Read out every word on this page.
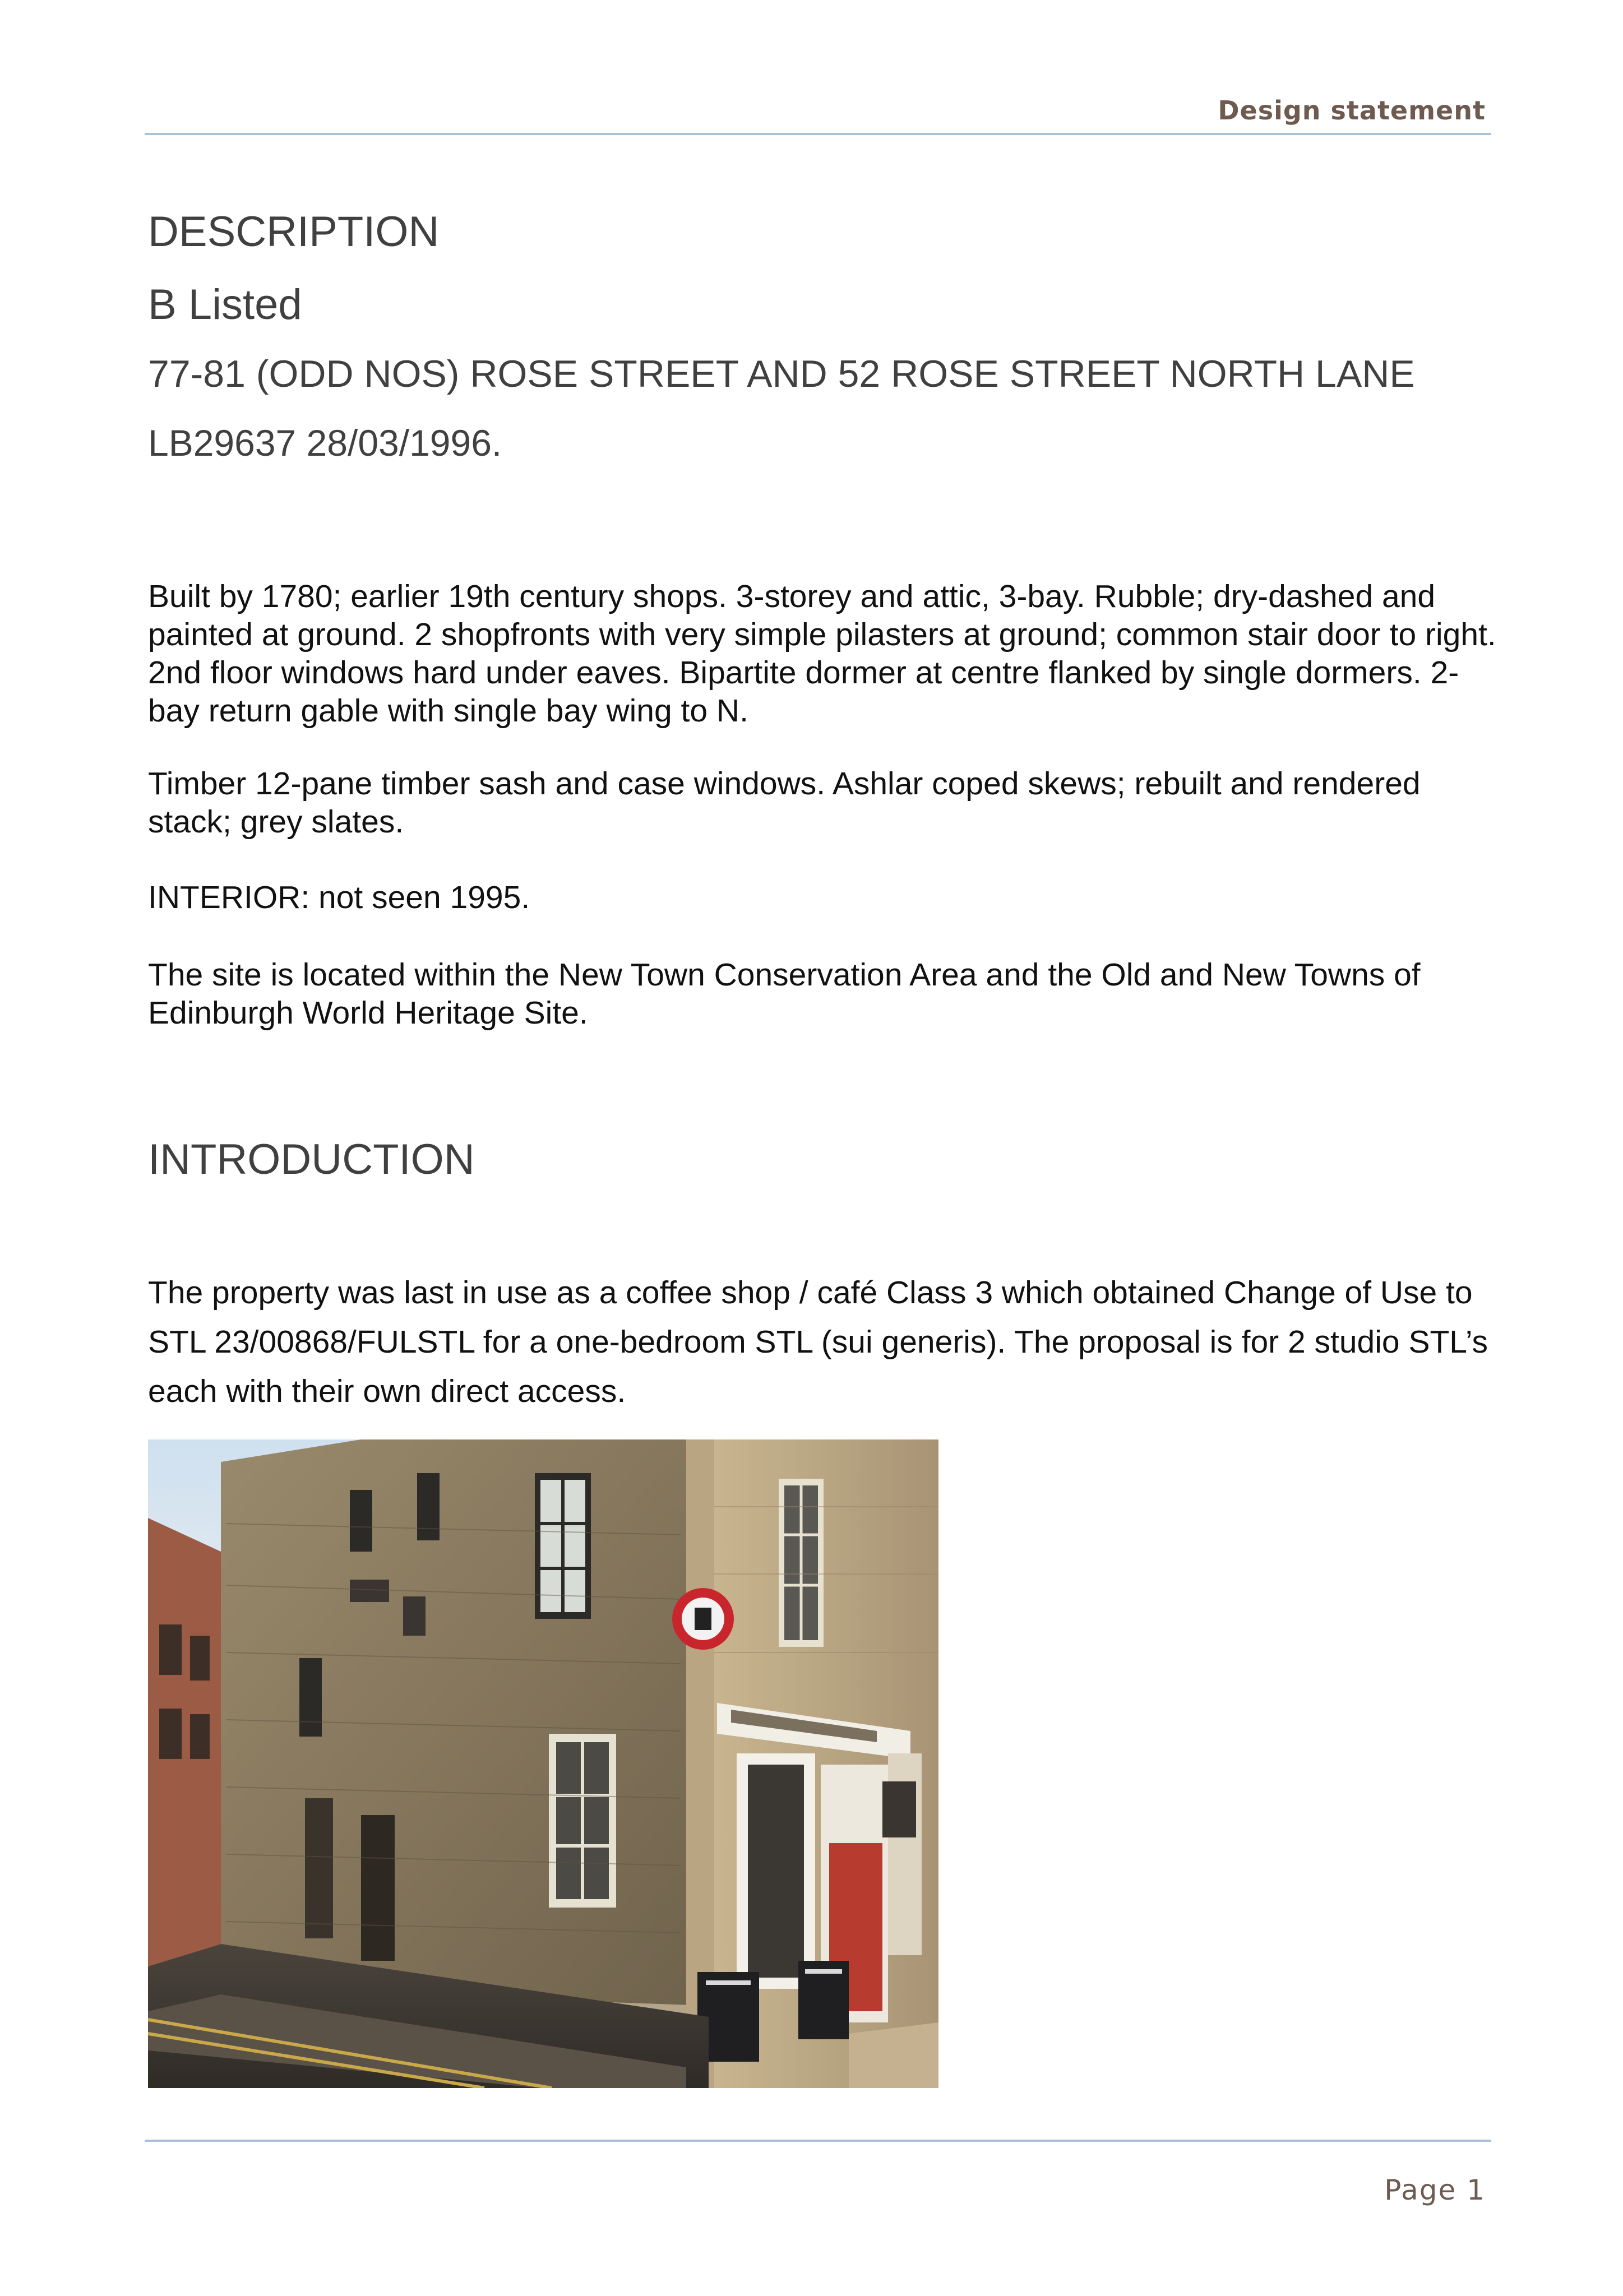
Design statement
DESCRIPTION
B Listed
77-81 (ODD NOS) ROSE STREET AND 52 ROSE STREET NORTH LANE
LB29637 28/03/1996.

Built by 1780; earlier 19th century shops. 3-storey and attic, 3-bay. Rubble; dry-dashed and painted at ground. 2 shopfronts with very simple pilasters at ground; common stair door to right. 2nd floor windows hard under eaves. Bipartite dormer at centre flanked by single dormers. 2-bay return gable with single bay wing to N.

Timber 12-pane timber sash and case windows. Ashlar coped skews; rebuilt and rendered stack; grey slates.

INTERIOR: not seen 1995.

The site is located within the New Town Conservation Area and the Old and New Towns of Edinburgh World Heritage Site.

INTRODUCTION

The property was last in use as a coffee shop / café Class 3 which obtained Change of Use to STL 23/00868/FULSTL for a one-bedroom STL (sui generis). The proposal is for 2 studio STL’s each with their own direct access.

Page 1
